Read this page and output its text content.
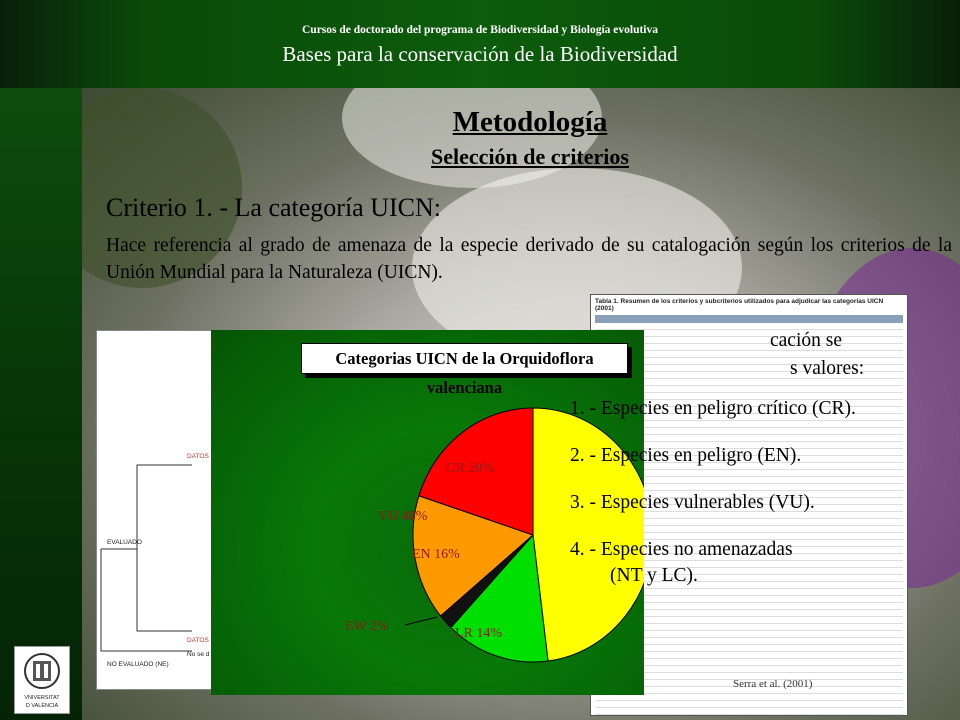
Cursos de doctorado del programa de Biodiversidad y Biología evolutiva
Bases para la conservación de la Biodiversidad
VNIVERSITAT
D VALÈNCIA
Metodología
Selección de criterios
Criterio 1. - La categoría UICN:
Hace referencia al grado de amenaza de la especie derivado de su catalogación según los criterios de la Unión Mundial para la Naturaleza (UICN).
Tabla 1. Resumen de los criterios y subcriterios utilizados para adjudicar las categorías UICN (2001)
cación se
s valores:
DATOS
EVALUADO
DATOS
No se d
NO EVALUADO (NE)
Categorias UICN de la Orquidoflora valenciana
VU 48%
LR 14%
EW 2%
EN 16%
CR 20%
1. - Especies en peligro crítico (CR).
2. - Especies en peligro (EN).
3. - Especies vulnerables (VU).
4. - Especies no amenazadas
(NT y LC).
Serra et al. (2001)
